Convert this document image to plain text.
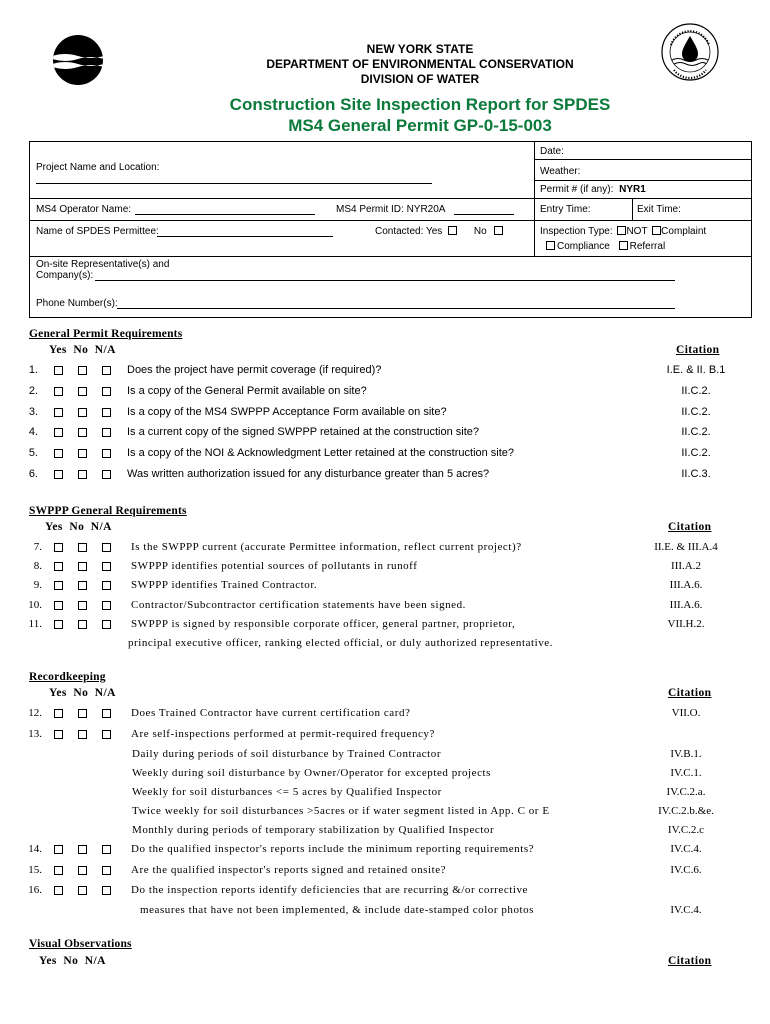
NEW YORK STATE
DEPARTMENT OF ENVIRONMENTAL CONSERVATION
DIVISION OF WATER
Construction Site Inspection Report for SPDES
MS4 General Permit GP-0-15-003
Date:
Project Name and Location:	Weather:
Permit # (if any): NYR1
MS4 Operator Name:	MS4 Permit ID: NYR20A	Entry Time:	Exit Time:
Name of SPDES Permittee:	Contacted: Yes	No	Inspection Type: NOT Complaint
Compliance Referral
On-site Representative(s) and
Company(s):
Phone Number(s):
General Permit Requirements
Yes  No  N/A	Citation
1.	Does the project have permit coverage (if required)?	I.E. & II. B.1
2.	Is a copy of the General Permit available on site?	II.C.2.
3.	Is a copy of the MS4 SWPPP Acceptance Form available on site?	II.C.2.
4.	Is a current copy of the signed SWPPP retained at the construction site?	II.C.2.
5.	Is a copy of the NOI & Acknowledgment Letter retained at the construction site?	II.C.2.
6.	Was written authorization issued for any disturbance greater than 5 acres?	II.C.3.
SWPPP General Requirements
Yes  No  N/A	Citation
7.	Is the SWPPP current (accurate Permittee information, reflect current project)?	II.E. & III.A.4
8.	SWPPP identifies potential sources of pollutants in runoff	III.A.2
9.	SWPPP identifies Trained Contractor.	III.A.6.
10.	Contractor/Subcontractor certification statements have been signed.	III.A.6.
11.	SWPPP is signed by responsible corporate officer, general partner, proprietor,	VII.H.2.
principal executive officer, ranking elected official, or duly authorized representative.
Recordkeeping
Yes  No  N/A	Citation
12.	Does Trained Contractor have current certification card?	VII.O.
13.	Are self-inspections performed at permit-required frequency?
Daily during periods of soil disturbance by Trained Contractor	IV.B.1.
Weekly during soil disturbance by Owner/Operator for excepted projects	IV.C.1.
Weekly for soil disturbances <= 5 acres by Qualified Inspector	IV.C.2.a.
Twice weekly for soil disturbances >5acres or if water segment listed in App. C or E	IV.C.2.b.&e.
Monthly during periods of temporary stabilization by Qualified Inspector	IV.C.2.c
14.	Do the qualified inspector's reports include the minimum reporting requirements?	IV.C.4.
15.	Are the qualified inspector's reports signed and retained onsite?	IV.C.6.
16.	Do the inspection reports identify deficiencies that are recurring &/or corrective
measures that have not been implemented, & include date-stamped color photos	IV.C.4.
Visual Observations
Yes  No  N/A	Citation
